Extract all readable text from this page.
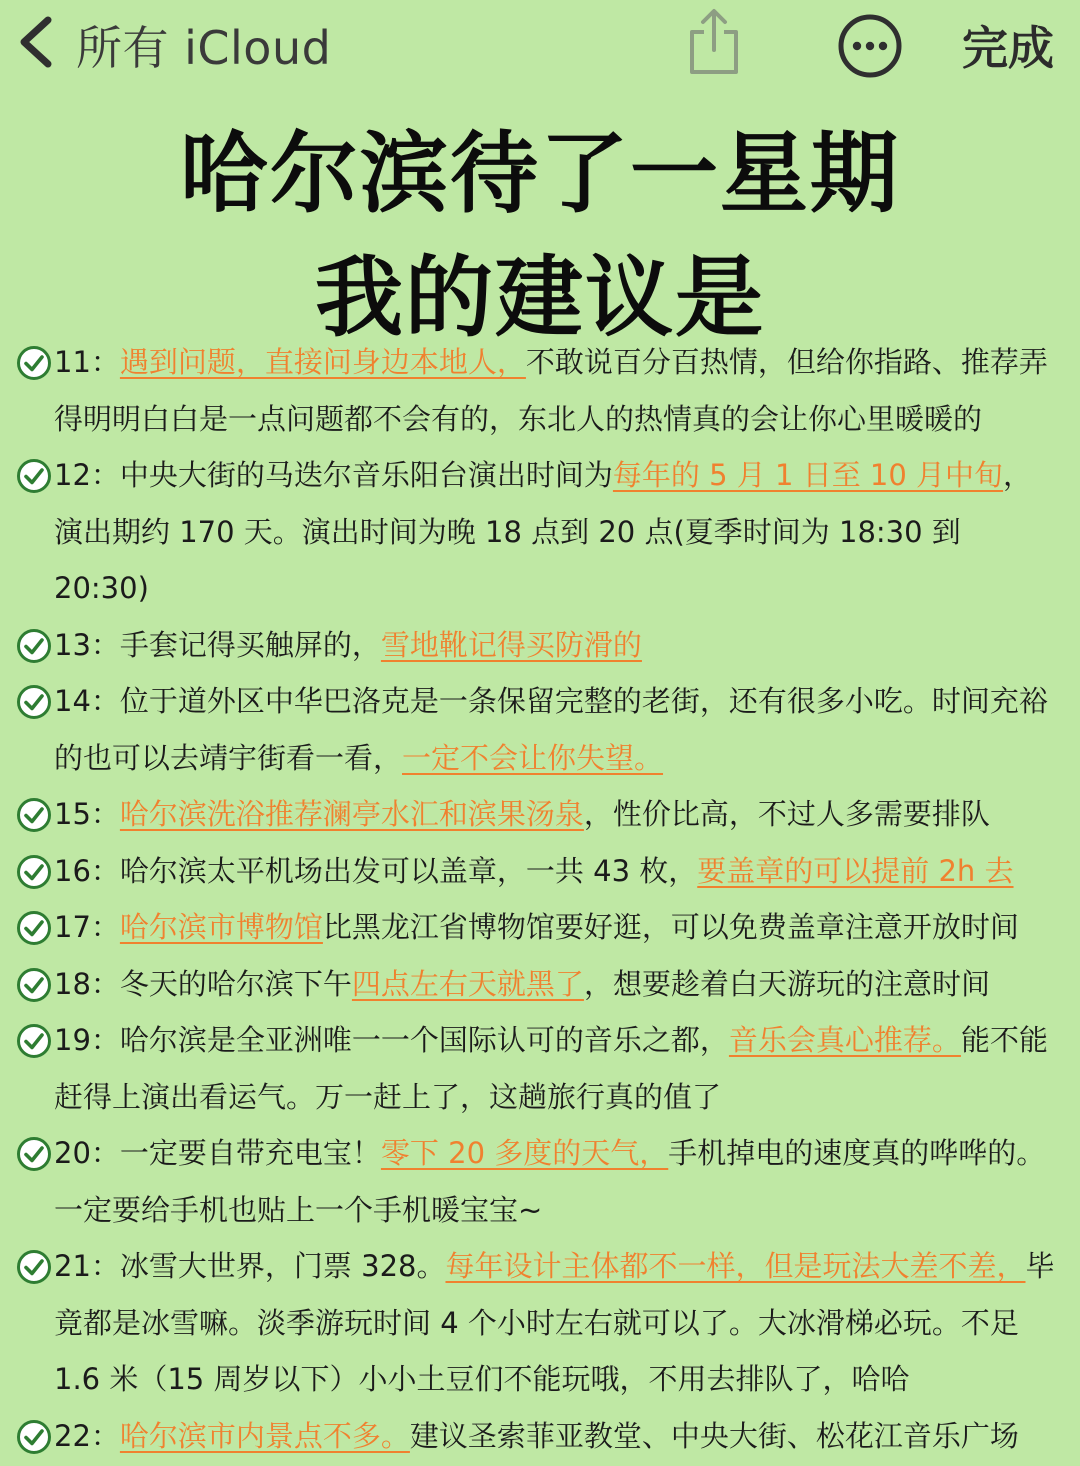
所有 iCloud	完成
哈尔滨待了一星期
我的建议是
11：遇到问题，直接问身边本地人，不敢说百分百热情，但给你指路、推荐弄得明明白白是一点问题都不会有的，东北人的热情真的会让你心里暖暖的
12：中央大街的马迭尔音乐阳台演出时间为每年的 5 月 1 日至 10 月中旬，演出期约 170 天。演出时间为晚 18 点到 20 点(夏季时间为 18:30 到 20:30)
13：手套记得买触屏的，雪地靴记得买防滑的
14：位于道外区中华巴洛克是一条保留完整的老街，还有很多小吃。时间充裕的也可以去靖宇街看一看，一定不会让你失望。
15：哈尔滨洗浴推荐澜亭水汇和滨果汤泉，性价比高，不过人多需要排队
16：哈尔滨太平机场出发可以盖章，一共 43 枚，要盖章的可以提前 2h 去
17：哈尔滨市博物馆比黑龙江省博物馆要好逛，可以免费盖章注意开放时间
18：冬天的哈尔滨下午四点左右天就黑了，想要趁着白天游玩的注意时间
19：哈尔滨是全亚洲唯一一个国际认可的音乐之都，音乐会真心推荐。能不能赶得上演出看运气。万一赶上了，这趟旅行真的值了
20：一定要自带充电宝！零下 20 多度的天气，手机掉电的速度真的哗哗的。一定要给手机也贴上一个手机暖宝宝~
21：冰雪大世界，门票 328。每年设计主体都不一样，但是玩法大差不差，毕竟都是冰雪嘛。淡季游玩时间 4 个小时左右就可以了。大冰滑梯必玩。不足 1.6 米（15 周岁以下）小小土豆们不能玩哦，不用去排队了，哈哈
22：哈尔滨市内景点不多。建议圣索菲亚教堂、中央大街、松花江音乐广场
